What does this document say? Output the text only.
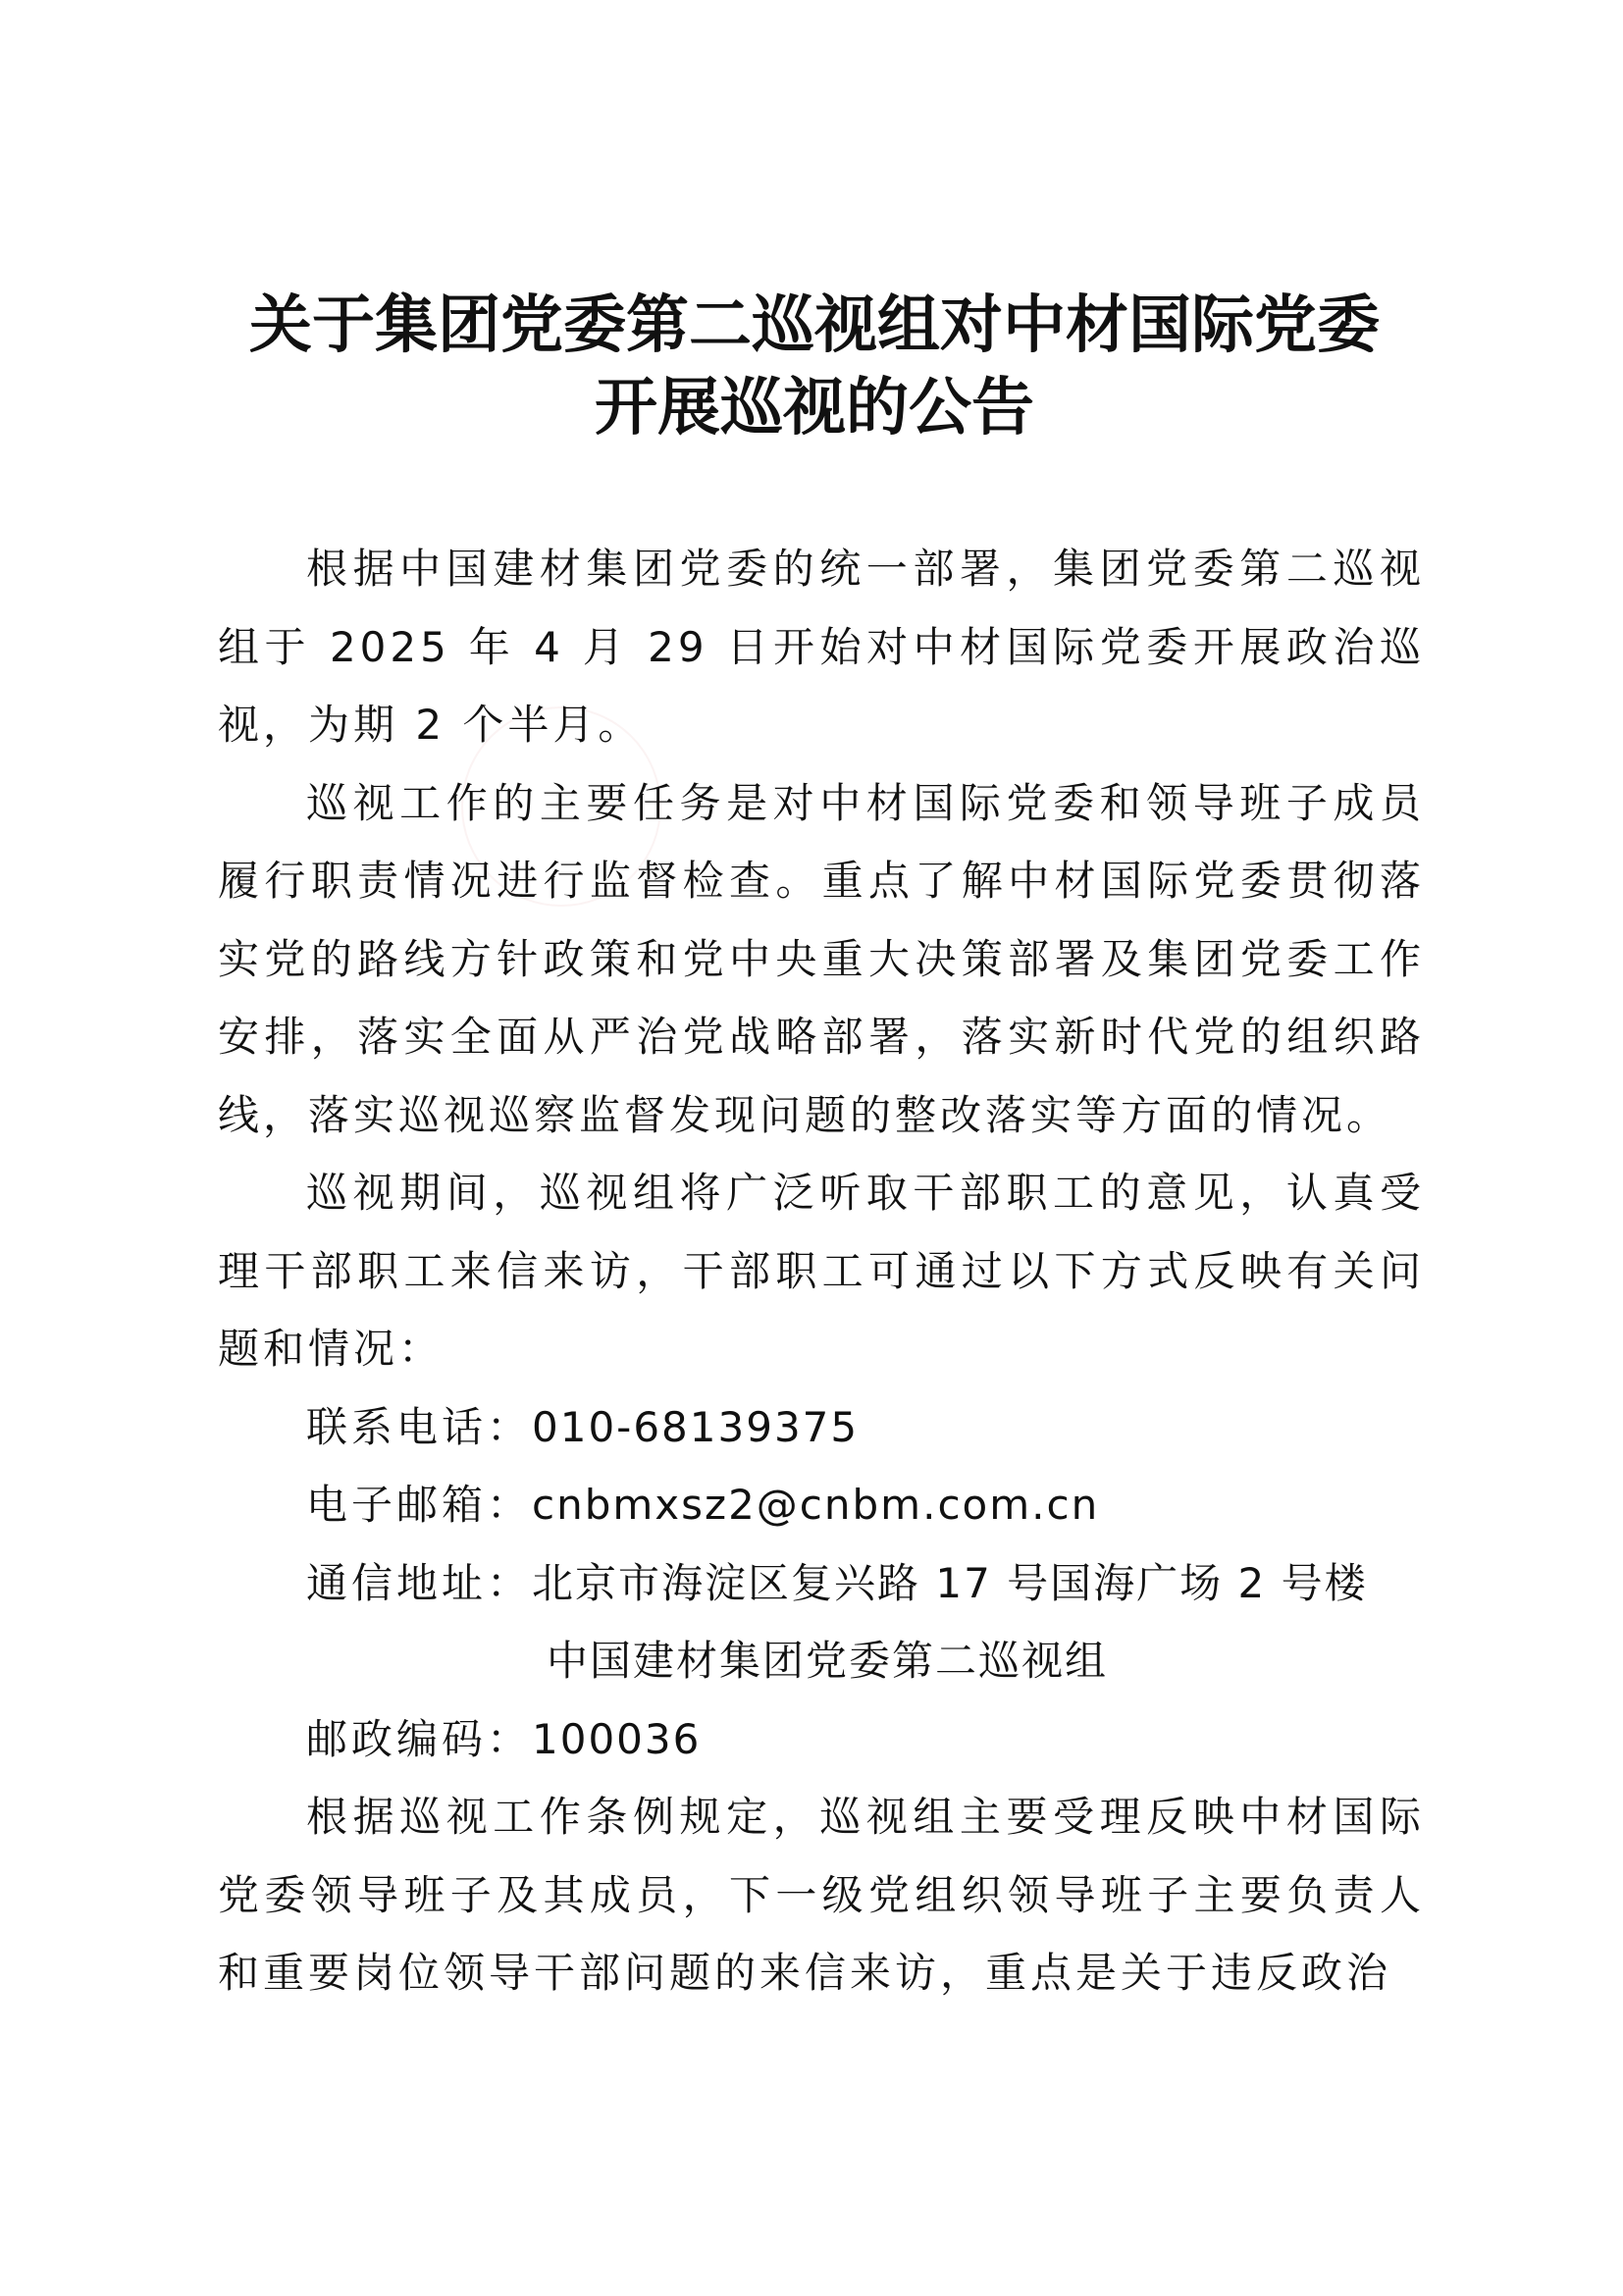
关于集团党委第二巡视组对中材国际党委
开展巡视的公告

根据中国建材集团党委的统一部署，集团党委第二巡视组于 2025 年 4 月 29 日开始对中材国际党委开展政治巡视，为期 2 个半月。

巡视工作的主要任务是对中材国际党委和领导班子成员履行职责情况进行监督检查。重点了解中材国际党委贯彻落实党的路线方针政策和党中央重大决策部署及集团党委工作安排，落实全面从严治党战略部署，落实新时代党的组织路线，落实巡视巡察监督发现问题的整改落实等方面的情况。

巡视期间，巡视组将广泛听取干部职工的意见，认真受理干部职工来信来访，干部职工可通过以下方式反映有关问题和情况：

联系电话：010-68139375

电子邮箱：cnbmxsz2@cnbm.com.cn

通信地址：北京市海淀区复兴路 17 号国海广场 2 号楼

中国建材集团党委第二巡视组

邮政编码：100036

根据巡视工作条例规定，巡视组主要受理反映中材国际党委领导班子及其成员，下一级党组织领导班子主要负责人和重要岗位领导干部问题的来信来访，重点是关于违反政治
